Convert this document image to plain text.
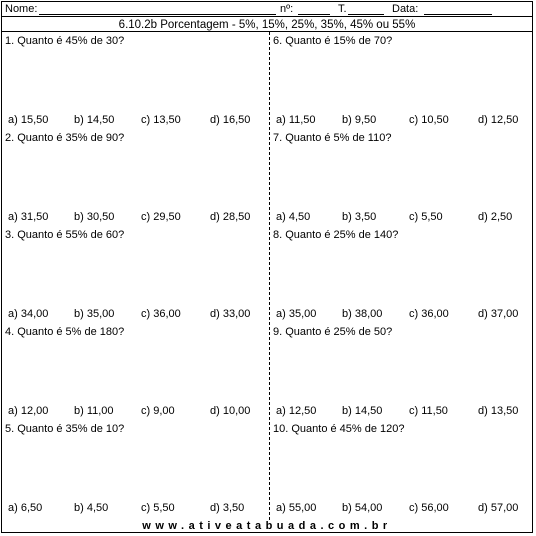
Nome:	nº:	T.	Data:
6.10.2b Porcentagem - 5%, 15%, 25%, 35%, 45% ou 55%
1. Quanto é 45% de 30?
a) 15,50 b) 14,50 c) 13,50	d) 16,50
2. Quanto é 35% de 90?
a) 31,50 b) 30,50 c) 29,50	d) 28,50
3. Quanto é 55% de 60?
a) 34,00 b) 35,00 c) 36,00	d) 33,00
4. Quanto é 5% de 180?
a) 12,00 b) 11,00 c) 9,00	d) 10,00
5. Quanto é 35% de 10?
a) 6,50	b) 4,50	c) 5,50	d) 3,50
6. Quanto é 15% de 70?
a) 11,50 b) 9,50	c) 10,50	d) 12,50
7. Quanto é 5% de 110?
a) 4,50	b) 3,50	c) 5,50	d) 2,50
8. Quanto é 25% de 140?
a) 35,00 b) 38,00 c) 36,00	d) 37,00
9. Quanto é 25% de 50?
a) 12,50 b) 14,50 c) 11,50	d) 13,50
10. Quanto é 45% de 120?
a) 55,00 b) 54,00 c) 56,00	d) 57,00
www.ativeatabuada.com.br
